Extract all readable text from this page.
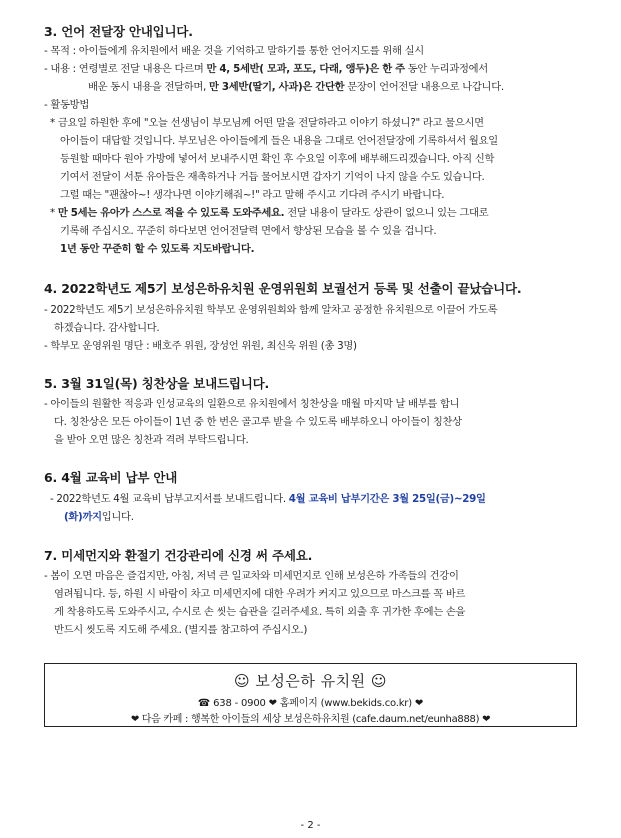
3. 언어 전달장 안내입니다.
- 목적 : 아이들에게 유치원에서 배운 것을 기억하고 말하기를 통한 언어지도를 위해 실시
- 내용 : 연령별로 전달 내용은 다르며 만 4, 5세반( 모과, 포도, 다래, 앵두)은 한 주 동안 누리과정에서
배운 동시 내용을 전달하며, 만 3세반(딸기, 사과)은 간단한 문장이 언어전달 내용으로 나갑니다.
- 활동방법
* 금요일 하원한 후에 "오늘 선생님이 부모님께 어떤 말을 전달하라고 이야기 하셨니?" 라고 물으시면
아이들이 대답할 것입니다. 부모님은 아이들에게 들은 내용을 그대로 언어전달장에 기록하셔서 월요일
등원할 때마다 원아 가방에 넣어서 보내주시면 확인 후 수요일 이후에 배부해드리겠습니다. 아직 신학
기여서 전달이 서툰 유아들은 재촉하거나 거듭 물어보시면 갑자기 기억이 나지 않을 수도 있습니다.
그럴 때는 "괜찮아~! 생각나면 이야기해줘~!" 라고 말해 주시고 기다려 주시기 바랍니다.
* 만 5세는 유아가 스스로 적을 수 있도록 도와주세요. 전달 내용이 달라도 상관이 없으니 있는 그대로
기록해 주십시오. 꾸준히 하다보면 언어전달력 면에서 향상된 모습을 볼 수 있을 겁니다.
1년 동안 꾸준히 할 수 있도록 지도바랍니다.
4. 2022학년도 제5기 보성은하유치원 운영위원회 보궐선거 등록 및 선출이 끝났습니다.
- 2022학년도 제5기 보성은하유치원 학부모 운영위원회와 함께 알차고 공정한 유치원으로 이끌어 가도록
하겠습니다. 감사합니다.
- 학부모 운영위원 명단 : 배호주 위원, 장성언 위원, 최신욱 위원 (총 3명)
5. 3월 31일(목) 칭찬상을 보내드립니다.
- 아이들의 원활한 적응과 인성교육의 일환으로 유치원에서 칭찬상을 매월 마지막 날 배부를 합니
다. 칭찬상은 모든 아이들이 1년 중 한 번은 골고루 받을 수 있도록 배부하오니 아이들이 칭찬상
을 받아 오면 많은 칭찬과 격려 부탁드립니다.
6. 4월 교육비 납부 안내
- 2022학년도 4월 교육비 납부고지서를 보내드립니다. 4월 교육비 납부기간은 3월 25일(금)~29일
(화)까지입니다.
7. 미세먼지와 환절기 건강관리에 신경 써 주세요.
- 봄이 오면 마음은 즐겁지만, 아침, 저녁 큰 일교차와 미세먼지로 인해 보성은하 가족들의 건강이
염려됩니다. 등, 하원 시 바람이 차고 미세먼지에 대한 우려가 커지고 있으므로 마스크를 꼭 바르
게 착용하도록 도와주시고, 수시로 손 씻는 습관을 길러주세요. 특히 외출 후 귀가한 후에는 손을
반드시 씻도록 지도해 주세요. (별지를 참고하여 주십시오.)
☺ 보성은하 유치원 ☺
☎ 638 - 0900 ❤ 홈페이지 (www.bekids.co.kr) ❤
❤ 다음 카페 : 행복한 아이들의 세상 보성은하유치원 (cafe.daum.net/eunha888) ❤
- 2 -
